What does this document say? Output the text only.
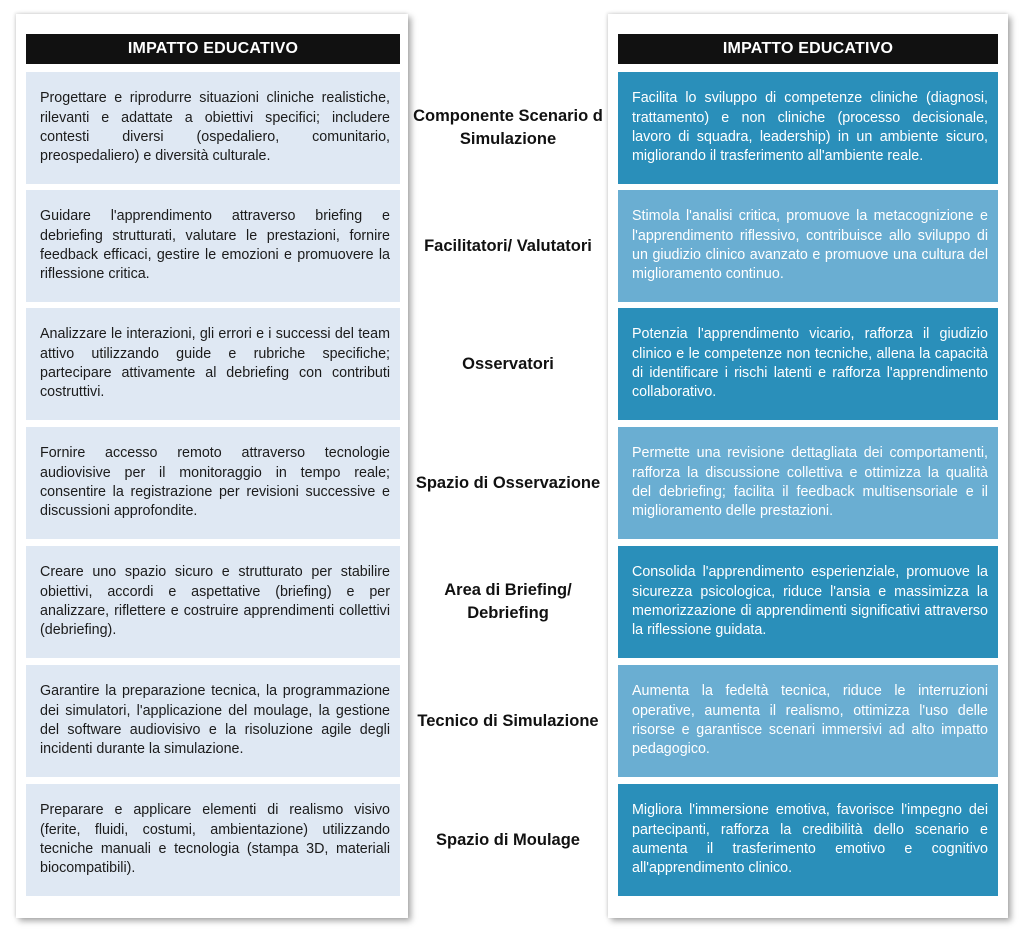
IMPATTO EDUCATIVO
Progettare e riprodurre situazioni cliniche realistiche, rilevanti e adattate a obiettivi specifici; includere contesti diversi (ospedaliero, comunitario, preospedaliero) e diversità culturale.
Guidare l'apprendimento attraverso briefing e debriefing strutturati, valutare le prestazioni, fornire feedback efficaci, gestire le emozioni e promuovere la riflessione critica.
Analizzare le interazioni, gli errori e i successi del team attivo utilizzando guide e rubriche specifiche; partecipare attivamente al debriefing con contributi costruttivi.
Fornire accesso remoto attraverso tecnologie audiovisive per il monitoraggio in tempo reale; consentire la registrazione per revisioni successive e discussioni approfondite.
Creare uno spazio sicuro e strutturato per stabilire obiettivi, accordi e aspettative (briefing) e per analizzare, riflettere e costruire apprendimenti collettivi (debriefing).
Garantire la preparazione tecnica, la programmazione dei simulatori, l'applicazione del moulage, la gestione del software audiovisivo e la risoluzione agile degli incidenti durante la simulazione.
Preparare e applicare elementi di realismo visivo (ferite, fluidi, costumi, ambientazione) utilizzando tecniche manuali e tecnologia (stampa 3D, materiali biocompatibili).
IMPATTO EDUCATIVO
Facilita lo sviluppo di competenze cliniche (diagnosi, trattamento) e non cliniche (processo decisionale, lavoro di squadra, leadership) in un ambiente sicuro, migliorando il trasferimento all'ambiente reale.
Stimola l'analisi critica, promuove la metacognizione e l'apprendimento riflessivo, contribuisce allo sviluppo di un giudizio clinico avanzato e promuove una cultura del miglioramento continuo.
Potenzia l'apprendimento vicario, rafforza il giudizio clinico e le competenze non tecniche, allena la capacità di identificare i rischi latenti e rafforza l'apprendimento collaborativo.
Permette una revisione dettagliata dei comportamenti, rafforza la discussione collettiva e ottimizza la qualità del debriefing; facilita il feedback multisensoriale e il miglioramento delle prestazioni.
Consolida l'apprendimento esperienziale, promuove la sicurezza psicologica, riduce l'ansia e massimizza la memorizzazione di apprendimenti significativi attraverso la riflessione guidata.
Aumenta la fedeltà tecnica, riduce le interruzioni operative, aumenta il realismo, ottimizza l'uso delle risorse e garantisce scenari immersivi ad alto impatto pedagogico.
Migliora l'immersione emotiva, favorisce l'impegno dei partecipanti, rafforza la credibilità dello scenario e aumenta il trasferimento emotivo e cognitivo all'apprendimento clinico.
Componente Scenario d Simulazione
Facilitatori/ Valutatori
Osservatori
Spazio di Osservazione
Area di Briefing/ Debriefing
Tecnico di Simulazione
Spazio di Moulage
